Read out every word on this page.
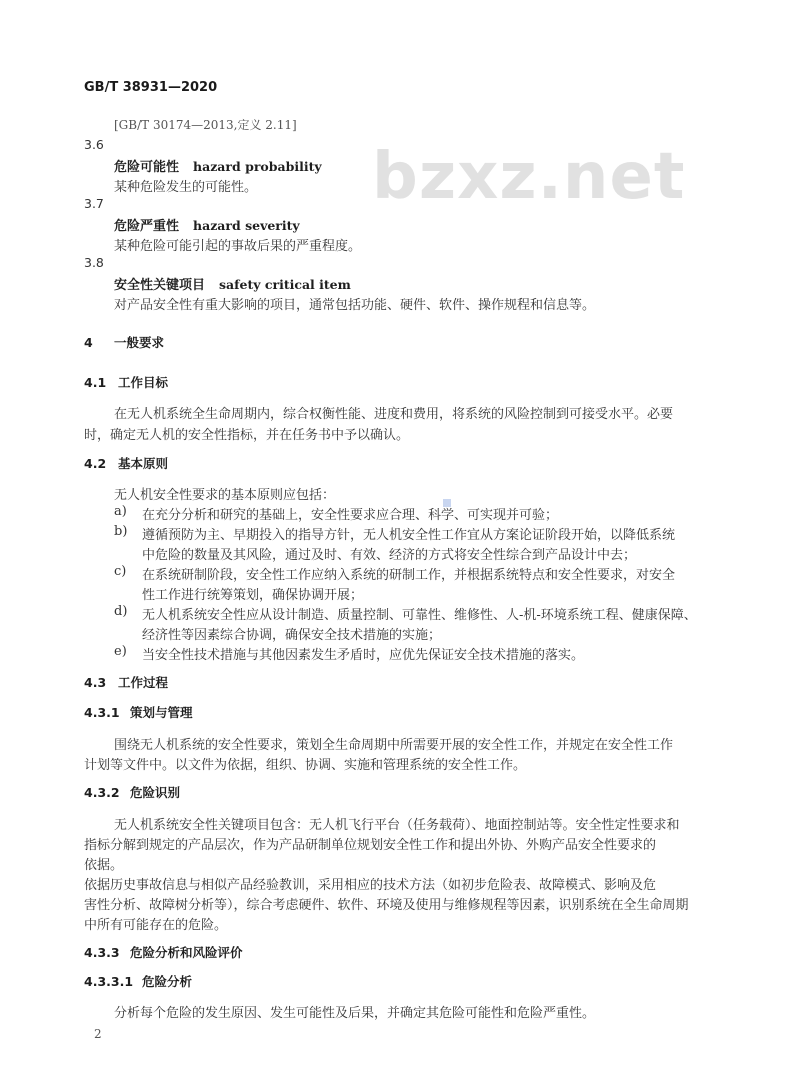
GB/T 38931—2020
bzxz.net
[GB/T 30174—2013,定义 2.11]
3.6
危险可能性 hazard probability
某种危险发生的可能性。
3.7
危险严重性 hazard severity
某种危险可能引起的事故后果的严重程度。
3.8
安全性关键项目 safety critical item
对产品安全性有重大影响的项目，通常包括功能、硬件、软件、操作规程和信息等。
4 一般要求
4.1 工作目标
在无人机系统全生命周期内，综合权衡性能、进度和费用，将系统的风险控制到可接受水平。必要
时，确定无人机的安全性指标，并在任务书中予以确认。
4.2 基本原则
无人机安全性要求的基本原则应包括：
a) 在充分分析和研究的基础上，安全性要求应合理、科学、可实现并可验；
b) 遵循预防为主、早期投入的指导方针，无人机安全性工作宜从方案论证阶段开始，以降低系统
中危险的数量及其风险，通过及时、有效、经济的方式将安全性综合到产品设计中去；
c) 在系统研制阶段，安全性工作应纳入系统的研制工作，并根据系统特点和安全性要求，对安全
性工作进行统筹策划，确保协调开展；
d) 无人机系统安全性应从设计制造、质量控制、可靠性、维修性、人-机-环境系统工程、健康保障、
经济性等因素综合协调，确保安全技术措施的实施；
e) 当安全性技术措施与其他因素发生矛盾时，应优先保证安全技术措施的落实。
4.3 工作过程
4.3.1 策划与管理
围绕无人机系统的安全性要求，策划全生命周期中所需要开展的安全性工作，并规定在安全性工作
计划等文件中。以文件为依据，组织、协调、实施和管理系统的安全性工作。
4.3.2 危险识别
无人机系统安全性关键项目包含：无人机飞行平台（任务载荷）、地面控制站等。安全性定性要求和
指标分解到规定的产品层次，作为产品研制单位规划安全性工作和提出外协、外购产品安全性要求的
依据。
依据历史事故信息与相似产品经验教训，采用相应的技术方法（如初步危险表、故障模式、影响及危
害性分析、故障树分析等），综合考虑硬件、软件、环境及使用与维修规程等因素，识别系统在全生命周期
中所有可能存在的危险。
4.3.3 危险分析和风险评价
4.3.3.1 危险分析
分析每个危险的发生原因、发生可能性及后果，并确定其危险可能性和危险严重性。
2
